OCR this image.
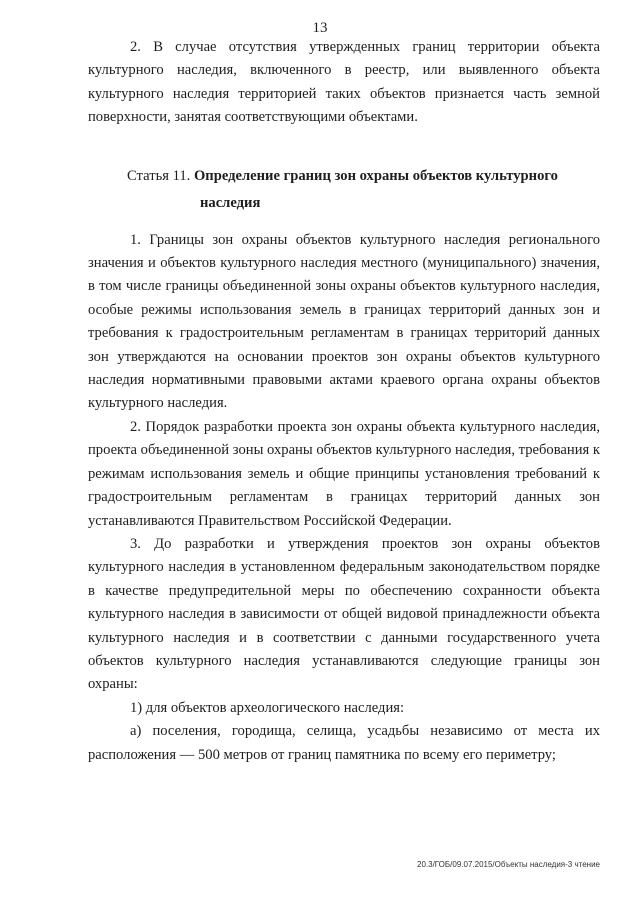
13

2. В случае отсутствия утвержденных границ территории объекта культурного наследия, включенного в реестр, или выявленного объекта культурного наследия территорией таких объектов признается часть земной поверхности, занятая соответствующими объектами.

Статья 11. Определение границ зон охраны объектов культурного наследия

1. Границы зон охраны объектов культурного наследия регионального значения и объектов культурного наследия местного (муниципального) значения, в том числе границы объединенной зоны охраны объектов культурного наследия, особые режимы использования земель в границах территорий данных зон и требования к градостроительным регламентам в границах территорий данных зон утверждаются на основании проектов зон охраны объектов культурного наследия нормативными правовыми актами краевого органа охраны объектов культурного наследия.

2. Порядок разработки проекта зон охраны объекта культурного наследия, проекта объединенной зоны охраны объектов культурного наследия, требования к режимам использования земель и общие принципы установления требований к градостроительным регламентам в границах территорий данных зон устанавливаются Правительством Российской Федерации.

3. До разработки и утверждения проектов зон охраны объектов культурного наследия в установленном федеральным законодательством порядке в качестве предупредительной меры по обеспечению сохранности объекта культурного наследия в зависимости от общей видовой принадлежности объекта культурного наследия и в соответствии с данными государственного учета объектов культурного наследия устанавливаются следующие границы зон охраны:

1) для объектов археологического наследия:

а) поселения, городища, селища, усадьбы независимо от места их расположения — 500 метров от границ памятника по всему его периметру;

20.3/ГОБ/09.07.2015/Объекты наследия-3 чтение
